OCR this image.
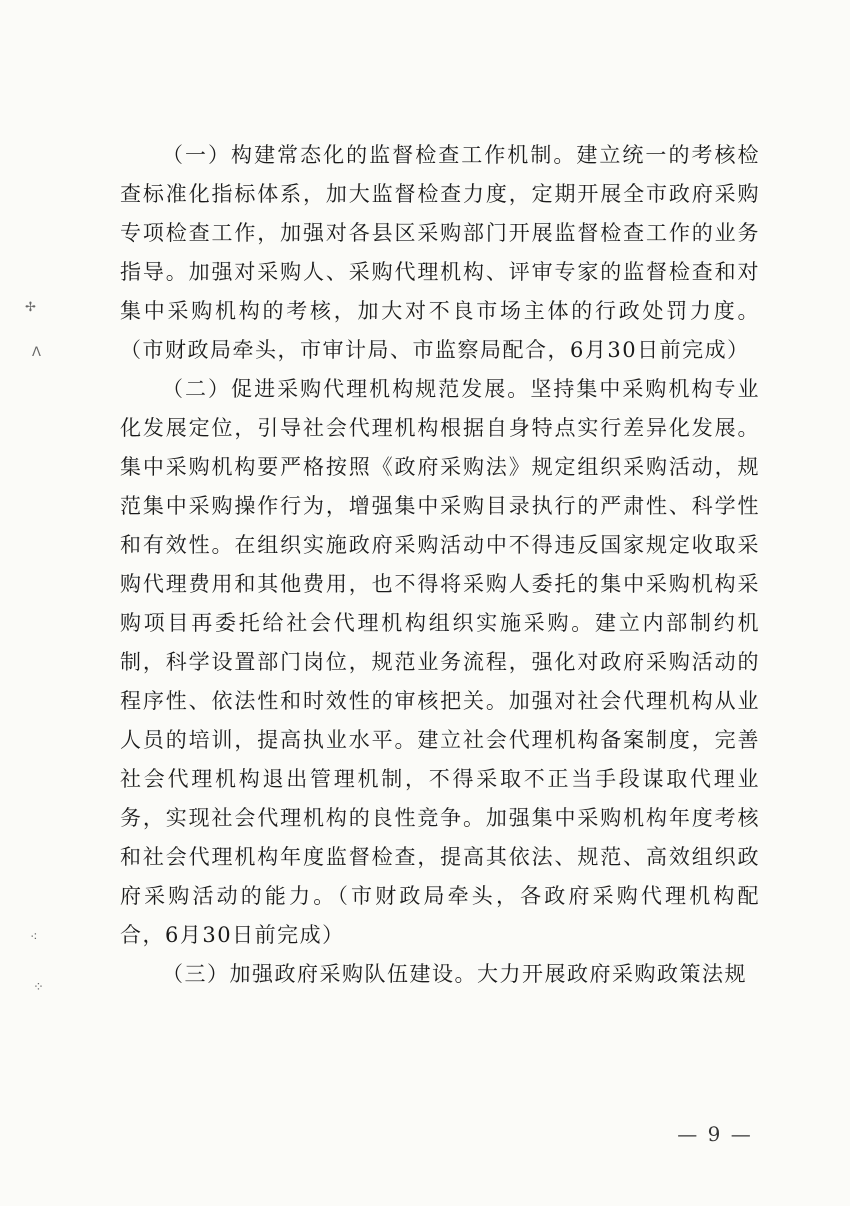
✢
ᐱ
⁖
⁘

（一）构建常态化的监督检查工作机制。建立统一的考核检查标准化指标体系，加大监督检查力度，定期开展全市政府采购专项检查工作，加强对各县区采购部门开展监督检查工作的业务指导。加强对采购人、采购代理机构、评审专家的监督检查和对集中采购机构的考核，加大对不良市场主体的行政处罚力度。（市财政局牵头，市审计局、市监察局配合，6月30日前完成）

（二）促进采购代理机构规范发展。坚持集中采购机构专业化发展定位，引导社会代理机构根据自身特点实行差异化发展。集中采购机构要严格按照《政府采购法》规定组织采购活动，规范集中采购操作行为，增强集中采购目录执行的严肃性、科学性和有效性。在组织实施政府采购活动中不得违反国家规定收取采购代理费用和其他费用，也不得将采购人委托的集中采购机构采购项目再委托给社会代理机构组织实施采购。建立内部制约机制，科学设置部门岗位，规范业务流程，强化对政府采购活动的程序性、依法性和时效性的审核把关。加强对社会代理机构从业人员的培训，提高执业水平。建立社会代理机构备案制度，完善社会代理机构退出管理机制，不得采取不正当手段谋取代理业务，实现社会代理机构的良性竞争。加强集中采购机构年度考核和社会代理机构年度监督检查，提高其依法、规范、高效组织政府采购活动的能力。（市财政局牵头，各政府采购代理机构配合，6月30日前完成）

（三）加强政府采购队伍建设。大力开展政府采购政策法规

— 9 —
